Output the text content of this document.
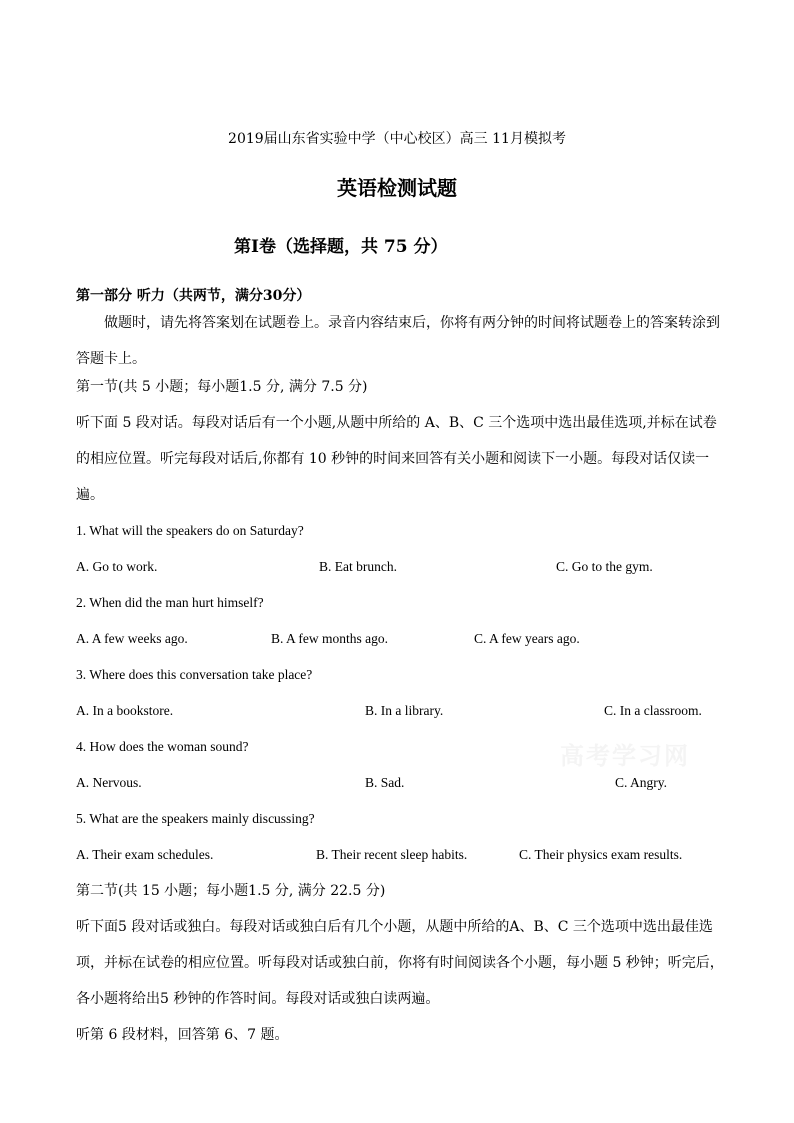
2019届山东省实验中学（中心校区）高三 11月模拟考
英语检测试题
第Ⅰ卷（选择题，共 75 分）
第一部分 听力（共两节，满分30分）
做题时，请先将答案划在试题卷上。录音内容结束后，你将有两分钟的时间将试题卷上的答案转涂到答题卡上。
第一节(共 5 小题；每小题1.5 分, 满分 7.5 分)
听下面 5 段对话。每段对话后有一个小题,从题中所给的 A、B、C 三个选项中选出最佳选项,并标在试卷的相应位置。听完每段对话后,你都有 10 秒钟的时间来回答有关小题和阅读下一小题。每段对话仅读一遍。
1. What will the speakers do on Saturday?
A. Go to work.	B. Eat brunch.	C. Go to the gym.
2. When did the man hurt himself?
A. A few weeks ago.	B. A few months ago.	C. A few years ago.
3. Where does this conversation take place?
A. In a bookstore.	B. In a library.	C. In a classroom.
4. How does the woman sound?
A. Nervous.	B. Sad.	C. Angry.
5. What are the speakers mainly discussing?
A. Their exam schedules.	B. Their recent sleep habits.	C. Their physics exam results.
第二节(共 15 小题；每小题1.5 分, 满分 22.5 分)
听下面5 段对话或独白。每段对话或独白后有几个小题，从题中所给的A、B、C 三个选项中选出最佳选项，并标在试卷的相应位置。听每段对话或独白前，你将有时间阅读各个小题，每小题 5 秒钟；听完后，各小题将给出5 秒钟的作答时间。每段对话或独白读两遍。
听第 6 段材料，回答第 6、7 题。
高考学习网
